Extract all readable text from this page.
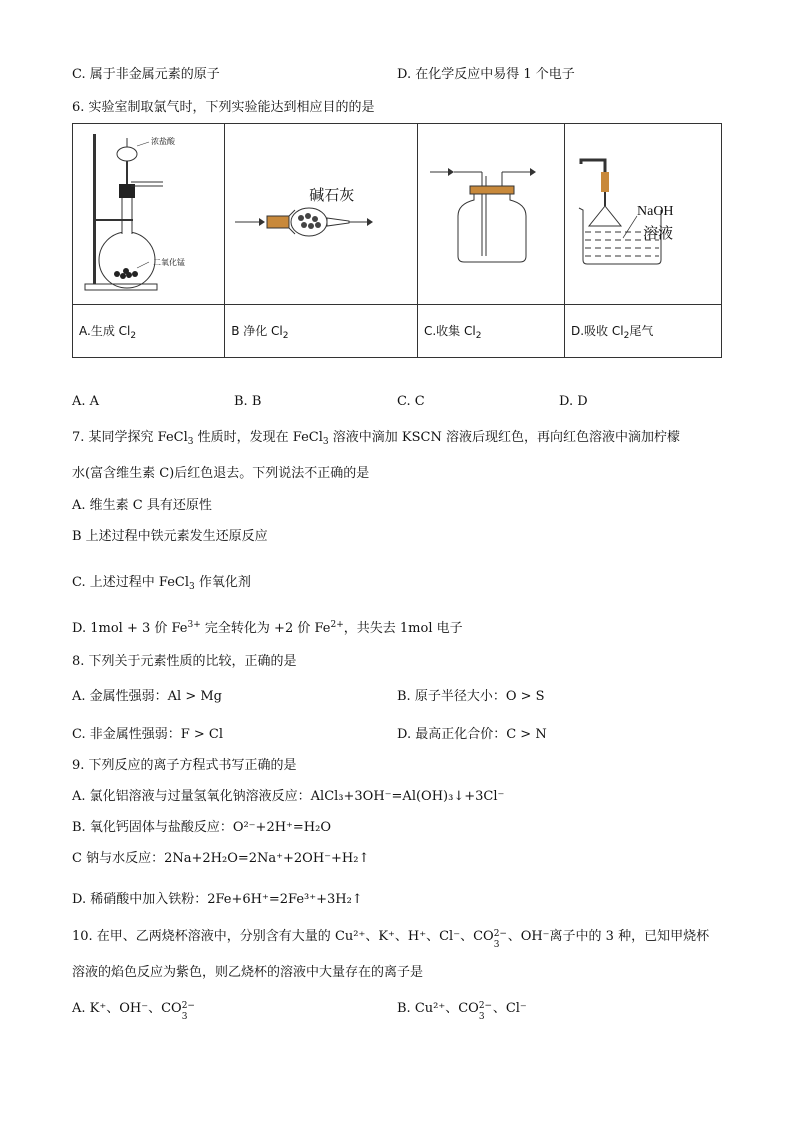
C. 属于非金属元素的原子	D. 在化学反应中易得 1 个电子
6. 实验室制取氯气时，下列实验能达到相应目的的是
浓盐酸
二氧化锰	碱石灰		NaOH
溶液

A.生成 $Cl_2$	B 净化 $Cl_2$	C.收集 $Cl_2$	D.吸收 $Cl_2$尾气
A. A	B. B	C. C	D. D
7. 某同学探究 FeCl$_3$ 性质时，发现在 FeCl$_3$ 溶液中滴加 KSCN 溶液后现红色，再向红色溶液中滴加柠檬
水(富含维生素 C)后红色退去。下列说法不正确的是
A. 维生素 C 具有还原性
B 上述过程中铁元素发生还原反应
C. 上述过程中 FeCl$_3$ 作氧化剂
D. 1mol + 3 价 $Fe^{3+}$ 完全转化为 +2 价 $Fe^{2+}$，共失去 1mol 电子
8. 下列关于元素性质的比较，正确的是
A. 金属性强弱：Al > Mg	B. 原子半径大小：O > S
C. 非金属性强弱：F > Cl	D. 最高正化合价：C > N
9. 下列反应的离子方程式书写正确的是
A. 氯化铝溶液与过量氢氧化钠溶液反应：AlCl₃+3OH⁻=Al(OH)₃↓+3Cl⁻
B. 氧化钙固体与盐酸反应：O²⁻+2H⁺=H₂O
C 钠与水反应：2Na+2H₂O=2Na⁺+2OH⁻+H₂↑
D. 稀硝酸中加入铁粉：2Fe+6H⁺=2Fe³⁺+3H₂↑
10. 在甲、乙两烧杯溶液中，分别含有大量的 Cu²⁺、K⁺、H⁺、Cl⁻、CO 2−
3
、OH⁻离子中的 3 种，已知甲烧杯
溶液的焰色反应为紫色，则乙烧杯的溶液中大量存在的离子是
A. K⁺、OH⁻、CO 2−
3
B. Cu²⁺、CO 2−
3
、Cl⁻
